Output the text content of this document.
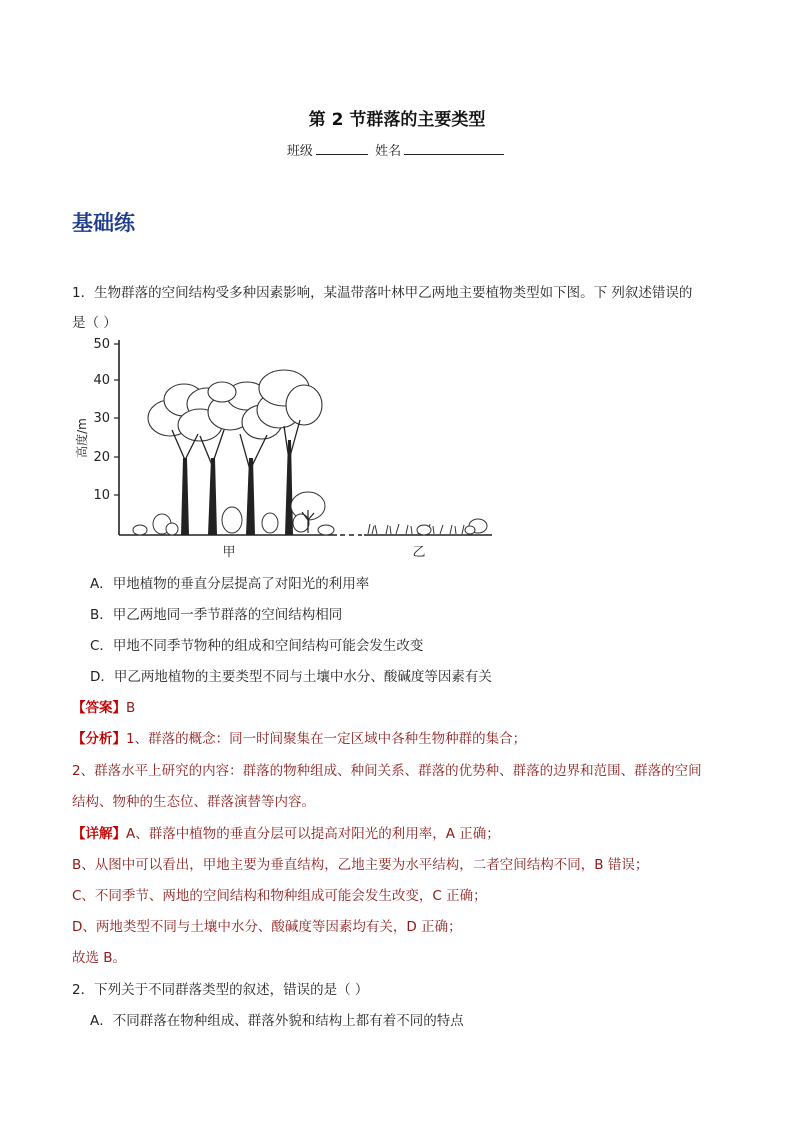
第 2 节群落的主要类型
班级	姓名
基础练
1．生物群落的空间结构受多种因素影响，某温带落叶林甲乙两地主要植物类型如下图。下 列叙述错误的
是（ ）
50
40
30
20
10
高度/m
甲	乙
A．甲地植物的垂直分层提高了对阳光的利用率
B．甲乙两地同一季节群落的空间结构相同
C．甲地不同季节物种的组成和空间结构可能会发生改变
D．甲乙两地植物的主要类型不同与土壤中水分、酸碱度等因素有关
【答案】B
【分析】1、群落的概念：同一时间聚集在一定区域中各种生物种群的集合；
2、群落水平上研究的内容：群落的物种组成、种间关系、群落的优势种、群落的边界和范围、群落的空间
结构、物种的生态位、群落演替等内容。
【详解】A、群落中植物的垂直分层可以提高对阳光的利用率，A 正确；
B、从图中可以看出，甲地主要为垂直结构，乙地主要为水平结构，二者空间结构不同，B 错误；
C、不同季节、两地的空间结构和物种组成可能会发生改变，C 正确；
D、两地类型不同与土壤中水分、酸碱度等因素均有关，D 正确；
故选 B。
2．下列关于不同群落类型的叙述，错误的是（ ）
A．不同群落在物种组成、群落外貌和结构上都有着不同的特点
